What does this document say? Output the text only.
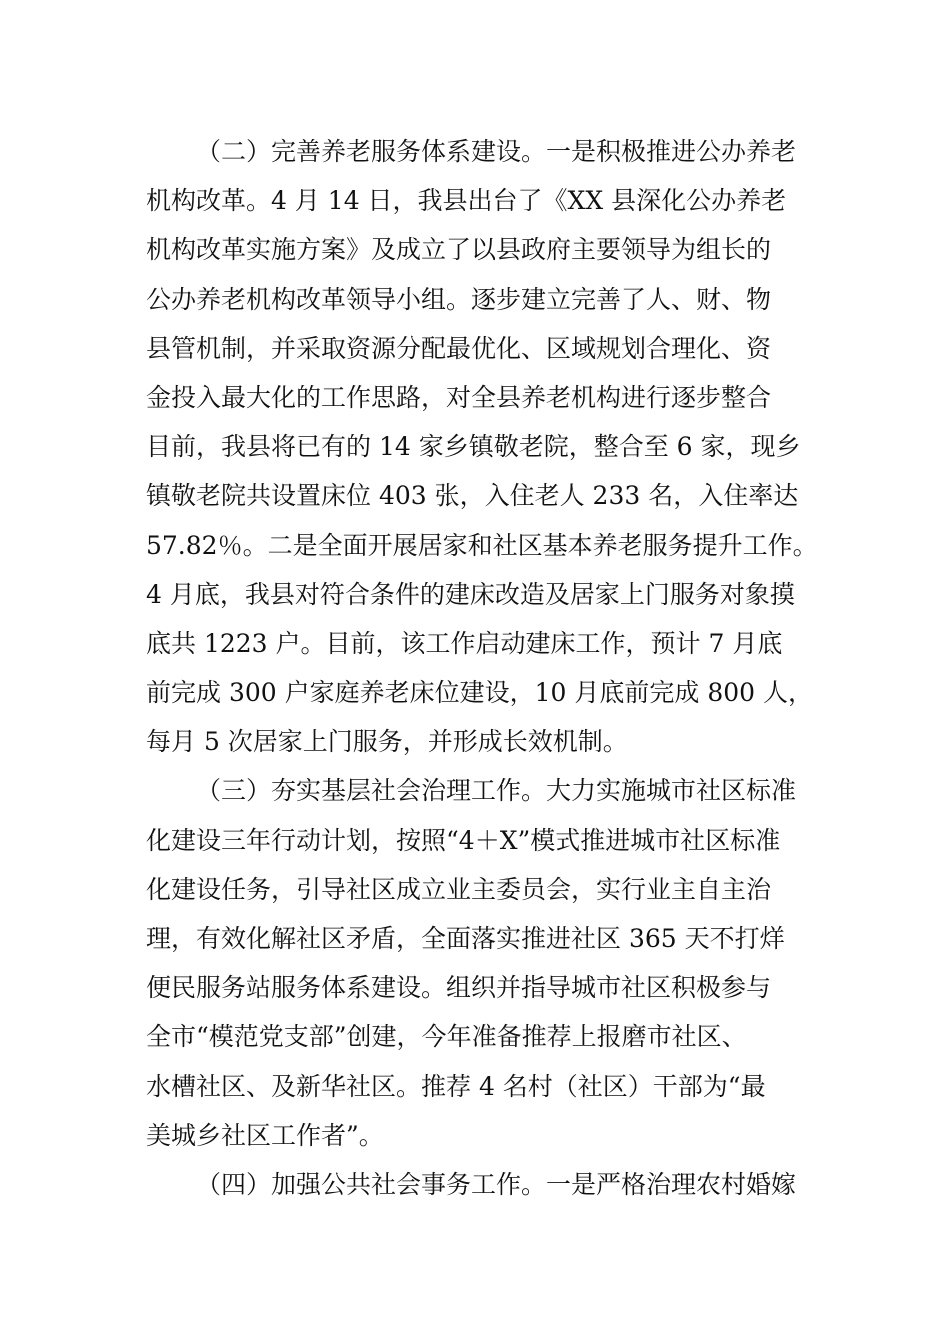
（二）完善养老服务体系建设。一是积极推进公办养老
机构改革。4 月 14 日，我县出台了《XX 县深化公办养老
机构改革实施方案》及成立了以县政府主要领导为组长的
公办养老机构改革领导小组。逐步建立完善了人、财、物
县管机制，并采取资源分配最优化、区域规划合理化、资
金投入最大化的工作思路，对全县养老机构进行逐步整合
目前，我县将已有的 14 家乡镇敬老院，整合至 6 家，现乡
镇敬老院共设置床位 403 张，入住老人 233 名，入住率达
57.82％。二是全面开展居家和社区基本养老服务提升工作。
4 月底，我县对符合条件的建床改造及居家上门服务对象摸
底共 1223 户。目前，该工作启动建床工作，预计 7 月底
前完成 300 户家庭养老床位建设，10 月底前完成 800 人，
每月 5 次居家上门服务，并形成长效机制。
（三）夯实基层社会治理工作。大力实施城市社区标准
化建设三年行动计划，按照“4＋X”模式推进城市社区标准
化建设任务，引导社区成立业主委员会，实行业主自主治
理，有效化解社区矛盾，全面落实推进社区 365 天不打烊
便民服务站服务体系建设。组织并指导城市社区积极参与
全市“模范党支部”创建，今年准备推荐上报磨市社区、
水槽社区、及新华社区。推荐 4 名村（社区）干部为“最
美城乡社区工作者”。
（四）加强公共社会事务工作。一是严格治理农村婚嫁
